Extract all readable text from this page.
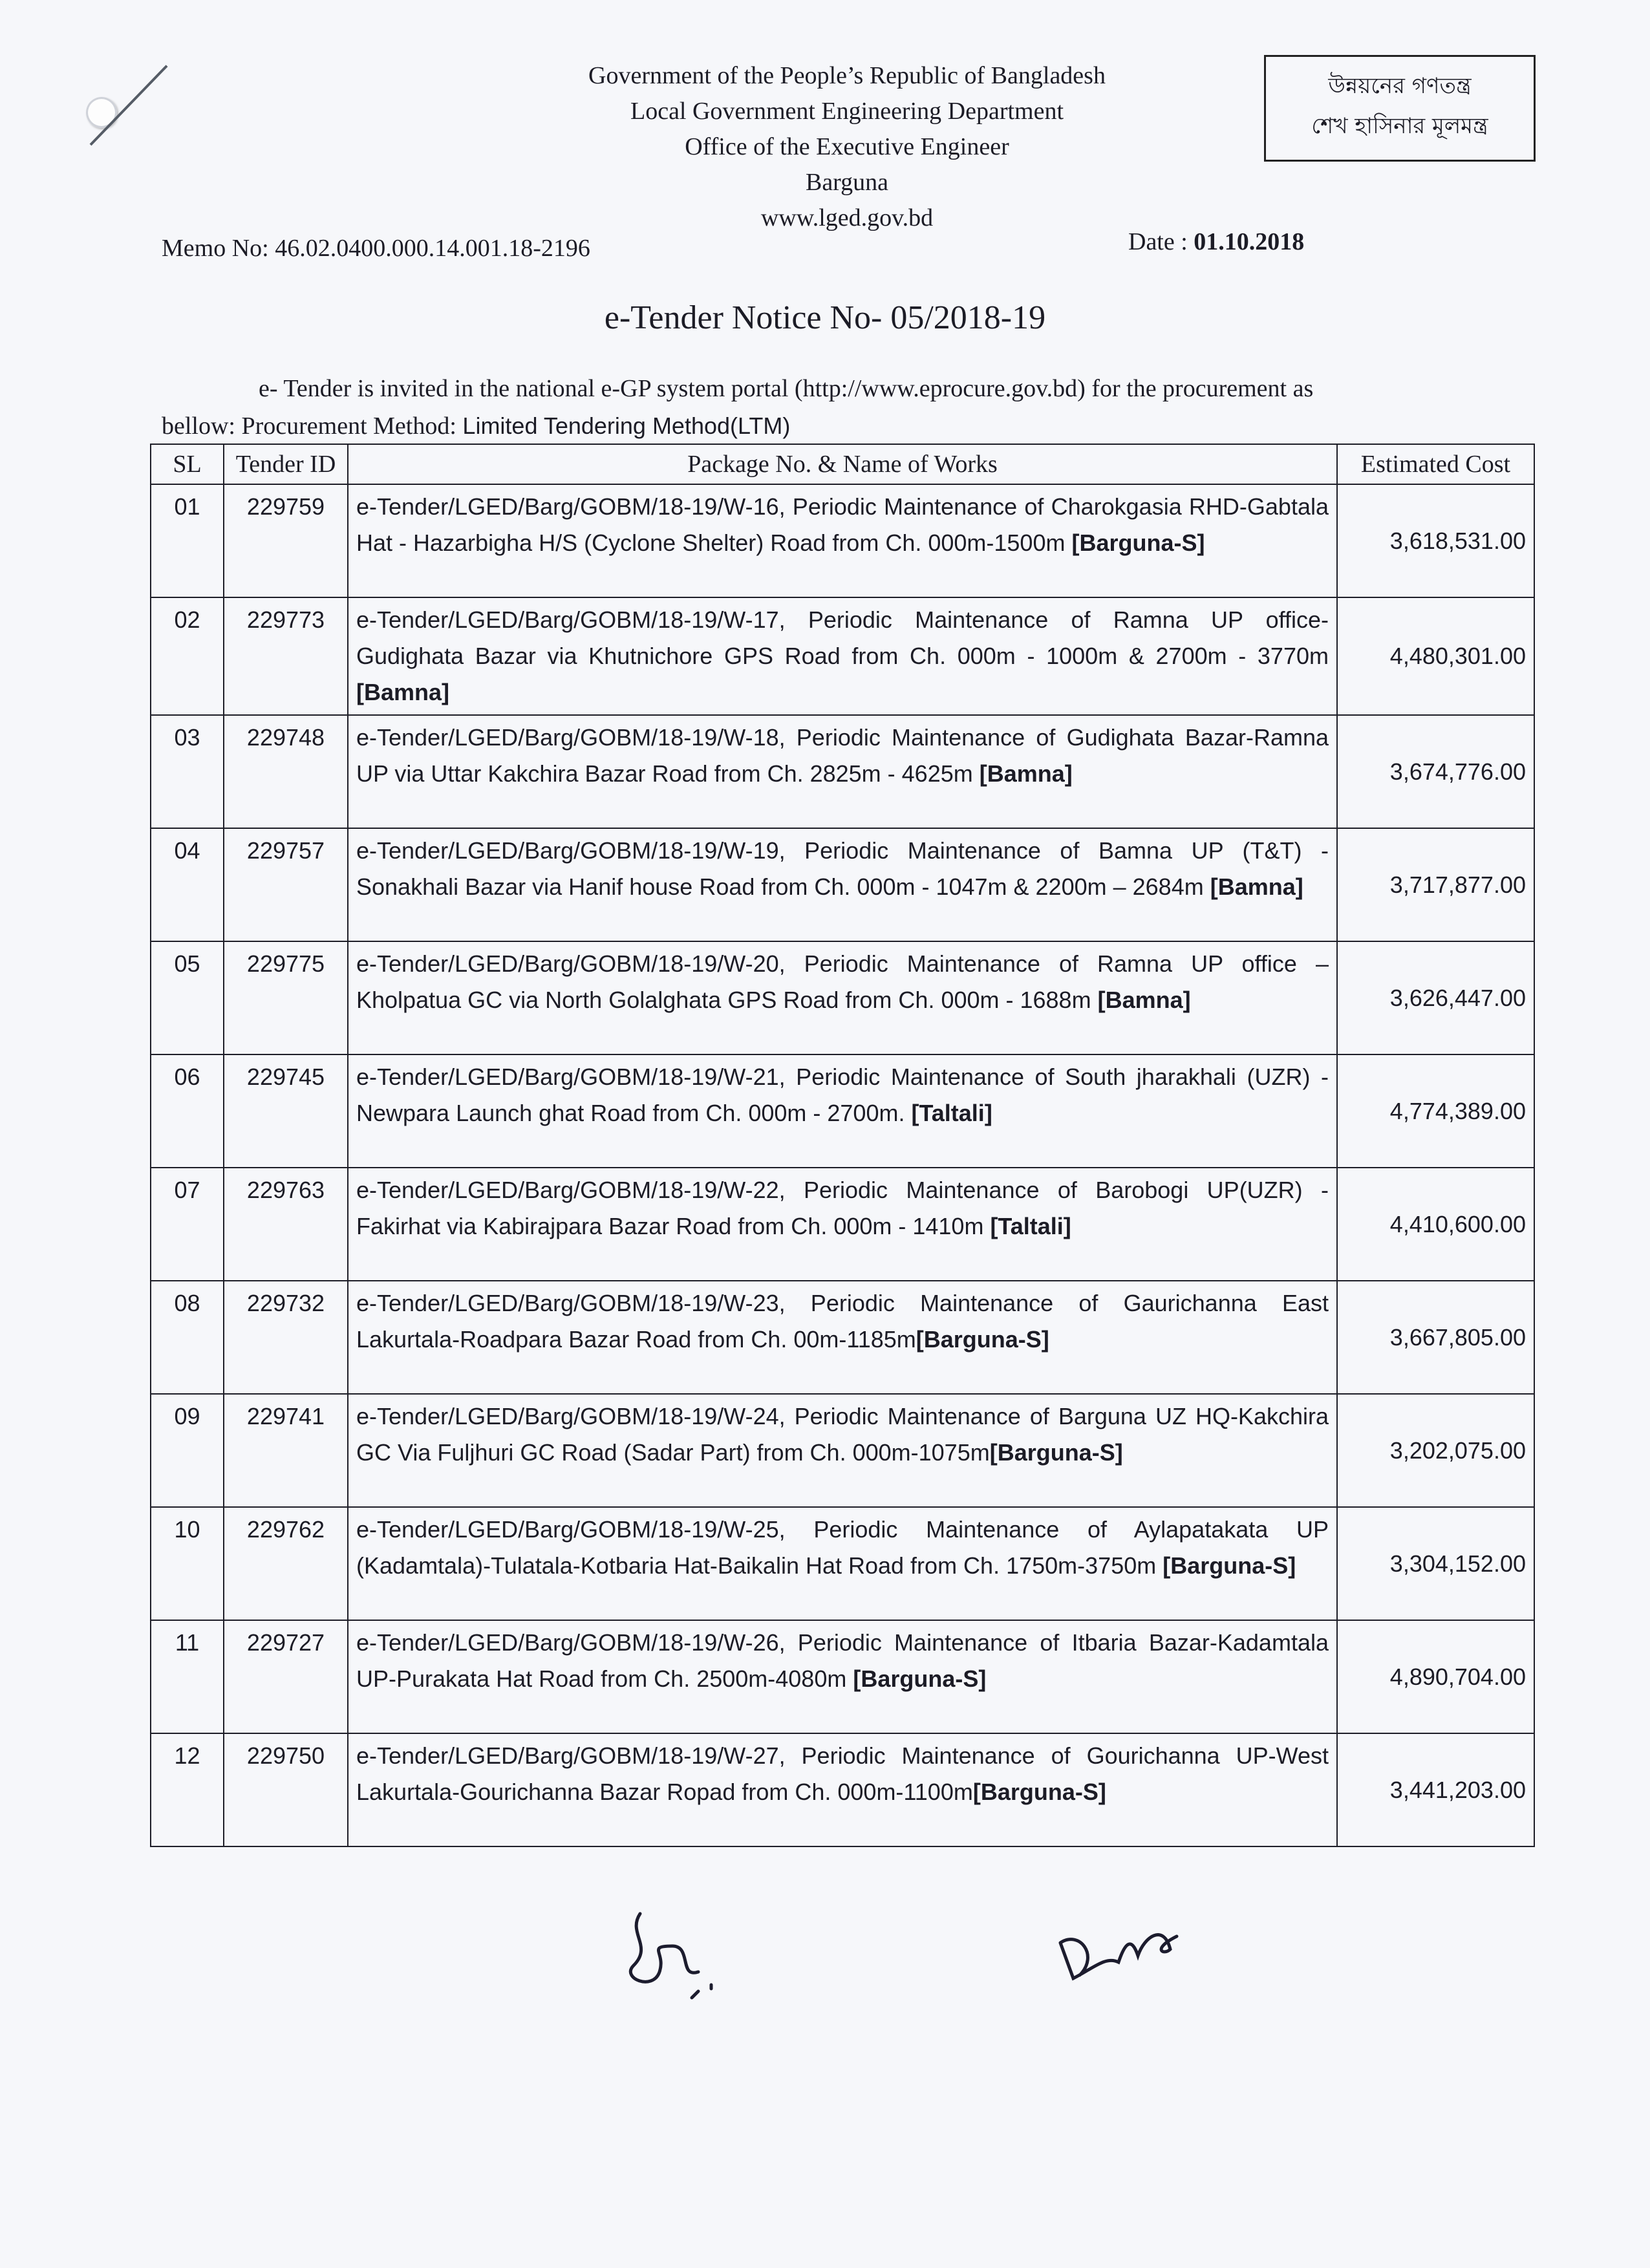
Government of the People’s Republic of Bangladesh
Local Government Engineering Department
Office of the Executive Engineer
Barguna
www.lged.gov.bd
উন্নয়নের গণতন্ত্র
শেখ হাসিনার মূলমন্ত্র
Memo No: 46.02.0400.000.14.001.18-2196	Date : 01.10.2018
e-Tender Notice No- 05/2018-19
e- Tender is invited in the national e-GP system portal (http://www.eprocure.gov.bd) for the procurement as
bellow: Procurement Method: Limited Tendering Method(LTM)
SL	Tender ID	Package No. & Name of Works	Estimated Cost
01	229759	e-Tender/LGED/Barg/GOBM/18-19/W-16, Periodic Maintenance of Charokgasia RHD-Gabtala Hat - Hazarbigha H/S (Cyclone Shelter) Road from Ch. 000m-1500m [Barguna-S]	3,618,531.00
02	229773	e-Tender/LGED/Barg/GOBM/18-19/W-17, Periodic Maintenance of Ramna UP office-Gudighata Bazar via Khutnichore GPS Road from Ch. 000m - 1000m & 2700m - 3770m [Bamna]	4,480,301.00
03	229748	e-Tender/LGED/Barg/GOBM/18-19/W-18, Periodic Maintenance of Gudighata Bazar-Ramna UP via Uttar Kakchira Bazar Road from Ch. 2825m - 4625m [Bamna]	3,674,776.00
04	229757	e-Tender/LGED/Barg/GOBM/18-19/W-19, Periodic Maintenance of Bamna UP (T&T) - Sonakhali Bazar via Hanif house Road from Ch. 000m - 1047m & 2200m – 2684m [Bamna]	3,717,877.00
05	229775	e-Tender/LGED/Barg/GOBM/18-19/W-20, Periodic Maintenance of Ramna UP office –Kholpatua GC via North Golalghata GPS Road from Ch. 000m - 1688m [Bamna]	3,626,447.00
06	229745	e-Tender/LGED/Barg/GOBM/18-19/W-21, Periodic Maintenance of South jharakhali (UZR) - Newpara Launch ghat Road from Ch. 000m - 2700m. [Taltali]	4,774,389.00
07	229763	e-Tender/LGED/Barg/GOBM/18-19/W-22, Periodic Maintenance of Barobogi UP(UZR) - Fakirhat via Kabirajpara Bazar Road from Ch. 000m - 1410m [Taltali]	4,410,600.00
08	229732	e-Tender/LGED/Barg/GOBM/18-19/W-23, Periodic Maintenance of Gaurichanna East Lakurtala-Roadpara Bazar Road from Ch. 00m-1185m[Barguna-S]	3,667,805.00
09	229741	e-Tender/LGED/Barg/GOBM/18-19/W-24, Periodic Maintenance of Barguna UZ HQ-Kakchira GC Via Fuljhuri GC Road (Sadar Part) from Ch. 000m-1075m[Barguna-S]	3,202,075.00
10	229762	e-Tender/LGED/Barg/GOBM/18-19/W-25, Periodic Maintenance of Aylapatakata UP (Kadamtala)-Tulatala-Kotbaria Hat-Baikalin Hat Road from Ch. 1750m-3750m [Barguna-S]	3,304,152.00
11	229727	e-Tender/LGED/Barg/GOBM/18-19/W-26, Periodic Maintenance of Itbaria Bazar-Kadamtala UP-Purakata Hat Road from Ch. 2500m-4080m [Barguna-S]	4,890,704.00
12	229750	e-Tender/LGED/Barg/GOBM/18-19/W-27, Periodic Maintenance of Gourichanna UP-West Lakurtala-Gourichanna Bazar Ropad from Ch. 000m-1100m[Barguna-S]	3,441,203.00
